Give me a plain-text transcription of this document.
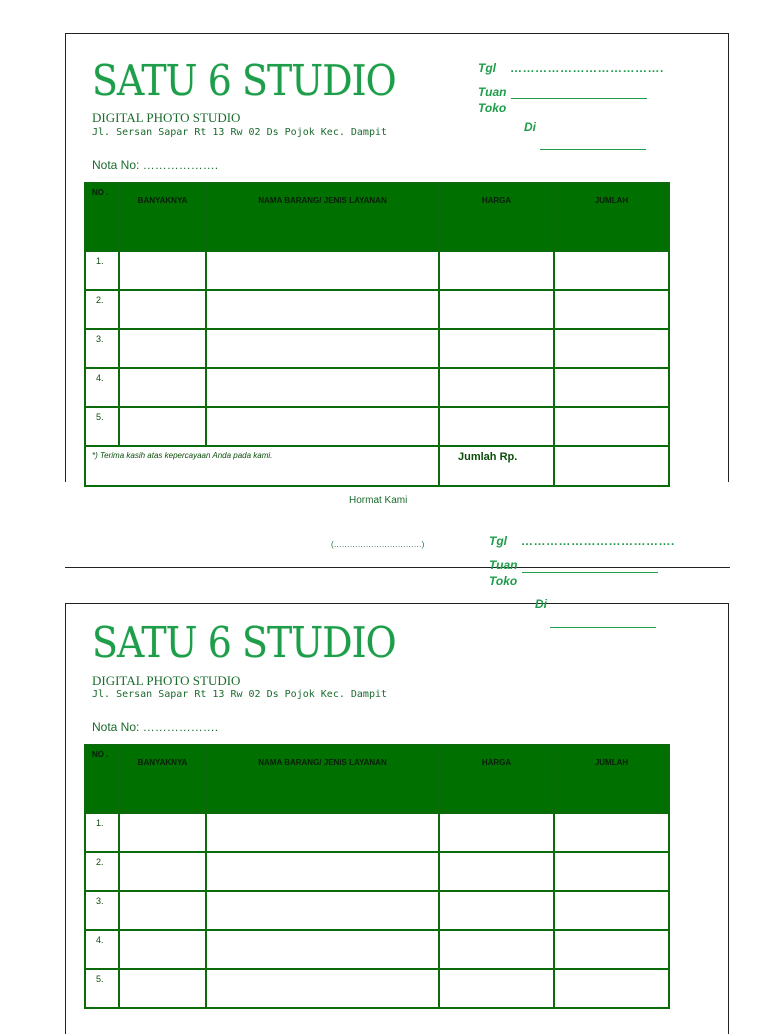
SATU 6 STUDIO
DIGITAL PHOTO STUDIO
Jl. Sersan Sapar Rt 13 Rw 02 Ds Pojok Kec. Dampit
Nota No: ……………….
Tgl ……………………………….
Tuan
Toko
Di
NO .	BANYAKNYA	NAMA BARANG/ JENIS LAYANAN	HARGA	JUMLAH
1.				
2.				
3.				
4.				
5.				
*) Terima kasih atas kepercayaan Anda pada kami.			Jumlah Rp.	
Hormat Kami
(……………………………)	Tgl ……………………………….
Tuan
Toko
Di
SATU 6 STUDIO
DIGITAL PHOTO STUDIO
Jl. Sersan Sapar Rt 13 Rw 02 Ds Pojok Kec. Dampit
Nota No: ……………….
NO .	BANYAKNYA	NAMA BARANG/ JENIS LAYANAN	HARGA	JUMLAH
1.				
2.				
3.				
4.				
5.				
